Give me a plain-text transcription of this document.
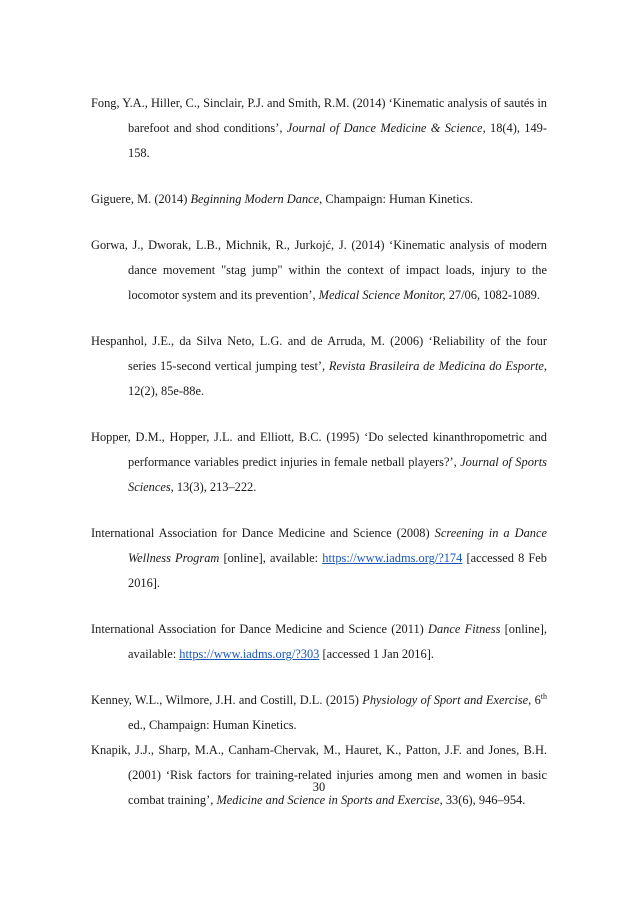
Fong, Y.A., Hiller, C., Sinclair, P.J. and Smith, R.M. (2014) ‘Kinematic analysis of sautés in barefoot and shod conditions’, Journal of Dance Medicine & Science, 18(4), 149-158.

Giguere, M. (2014) Beginning Modern Dance, Champaign: Human Kinetics.

Gorwa, J., Dworak, L.B., Michnik, R., Jurkojć, J. (2014) ‘Kinematic analysis of modern dance movement "stag jump" within the context of impact loads, injury to the locomotor system and its prevention’, Medical Science Monitor, 27/06, 1082-1089.

Hespanhol, J.E., da Silva Neto, L.G. and de Arruda, M. (2006) ‘Reliability of the four series 15-second vertical jumping test’, Revista Brasileira de Medicina do Esporte, 12(2), 85e-88e.

Hopper, D.M., Hopper, J.L. and Elliott, B.C. (1995) ‘Do selected kinanthropometric and performance variables predict injuries in female netball players?’, Journal of Sports Sciences, 13(3), 213–222.

International Association for Dance Medicine and Science (2008) Screening in a Dance Wellness Program [online], available: https://www.iadms.org/?174 [accessed 8 Feb 2016].

International Association for Dance Medicine and Science (2011) Dance Fitness [online], available: https://www.iadms.org/?303 [accessed 1 Jan 2016].

Kenney, W.L., Wilmore, J.H. and Costill, D.L. (2015) Physiology of Sport and Exercise, 6th ed., Champaign: Human Kinetics.

Knapik, J.J., Sharp, M.A., Canham-Chervak, M., Hauret, K., Patton, J.F. and Jones, B.H. (2001) ‘Risk factors for training-related injuries among men and women in basic combat training’, Medicine and Science in Sports and Exercise, 33(6), 946–954.

30
